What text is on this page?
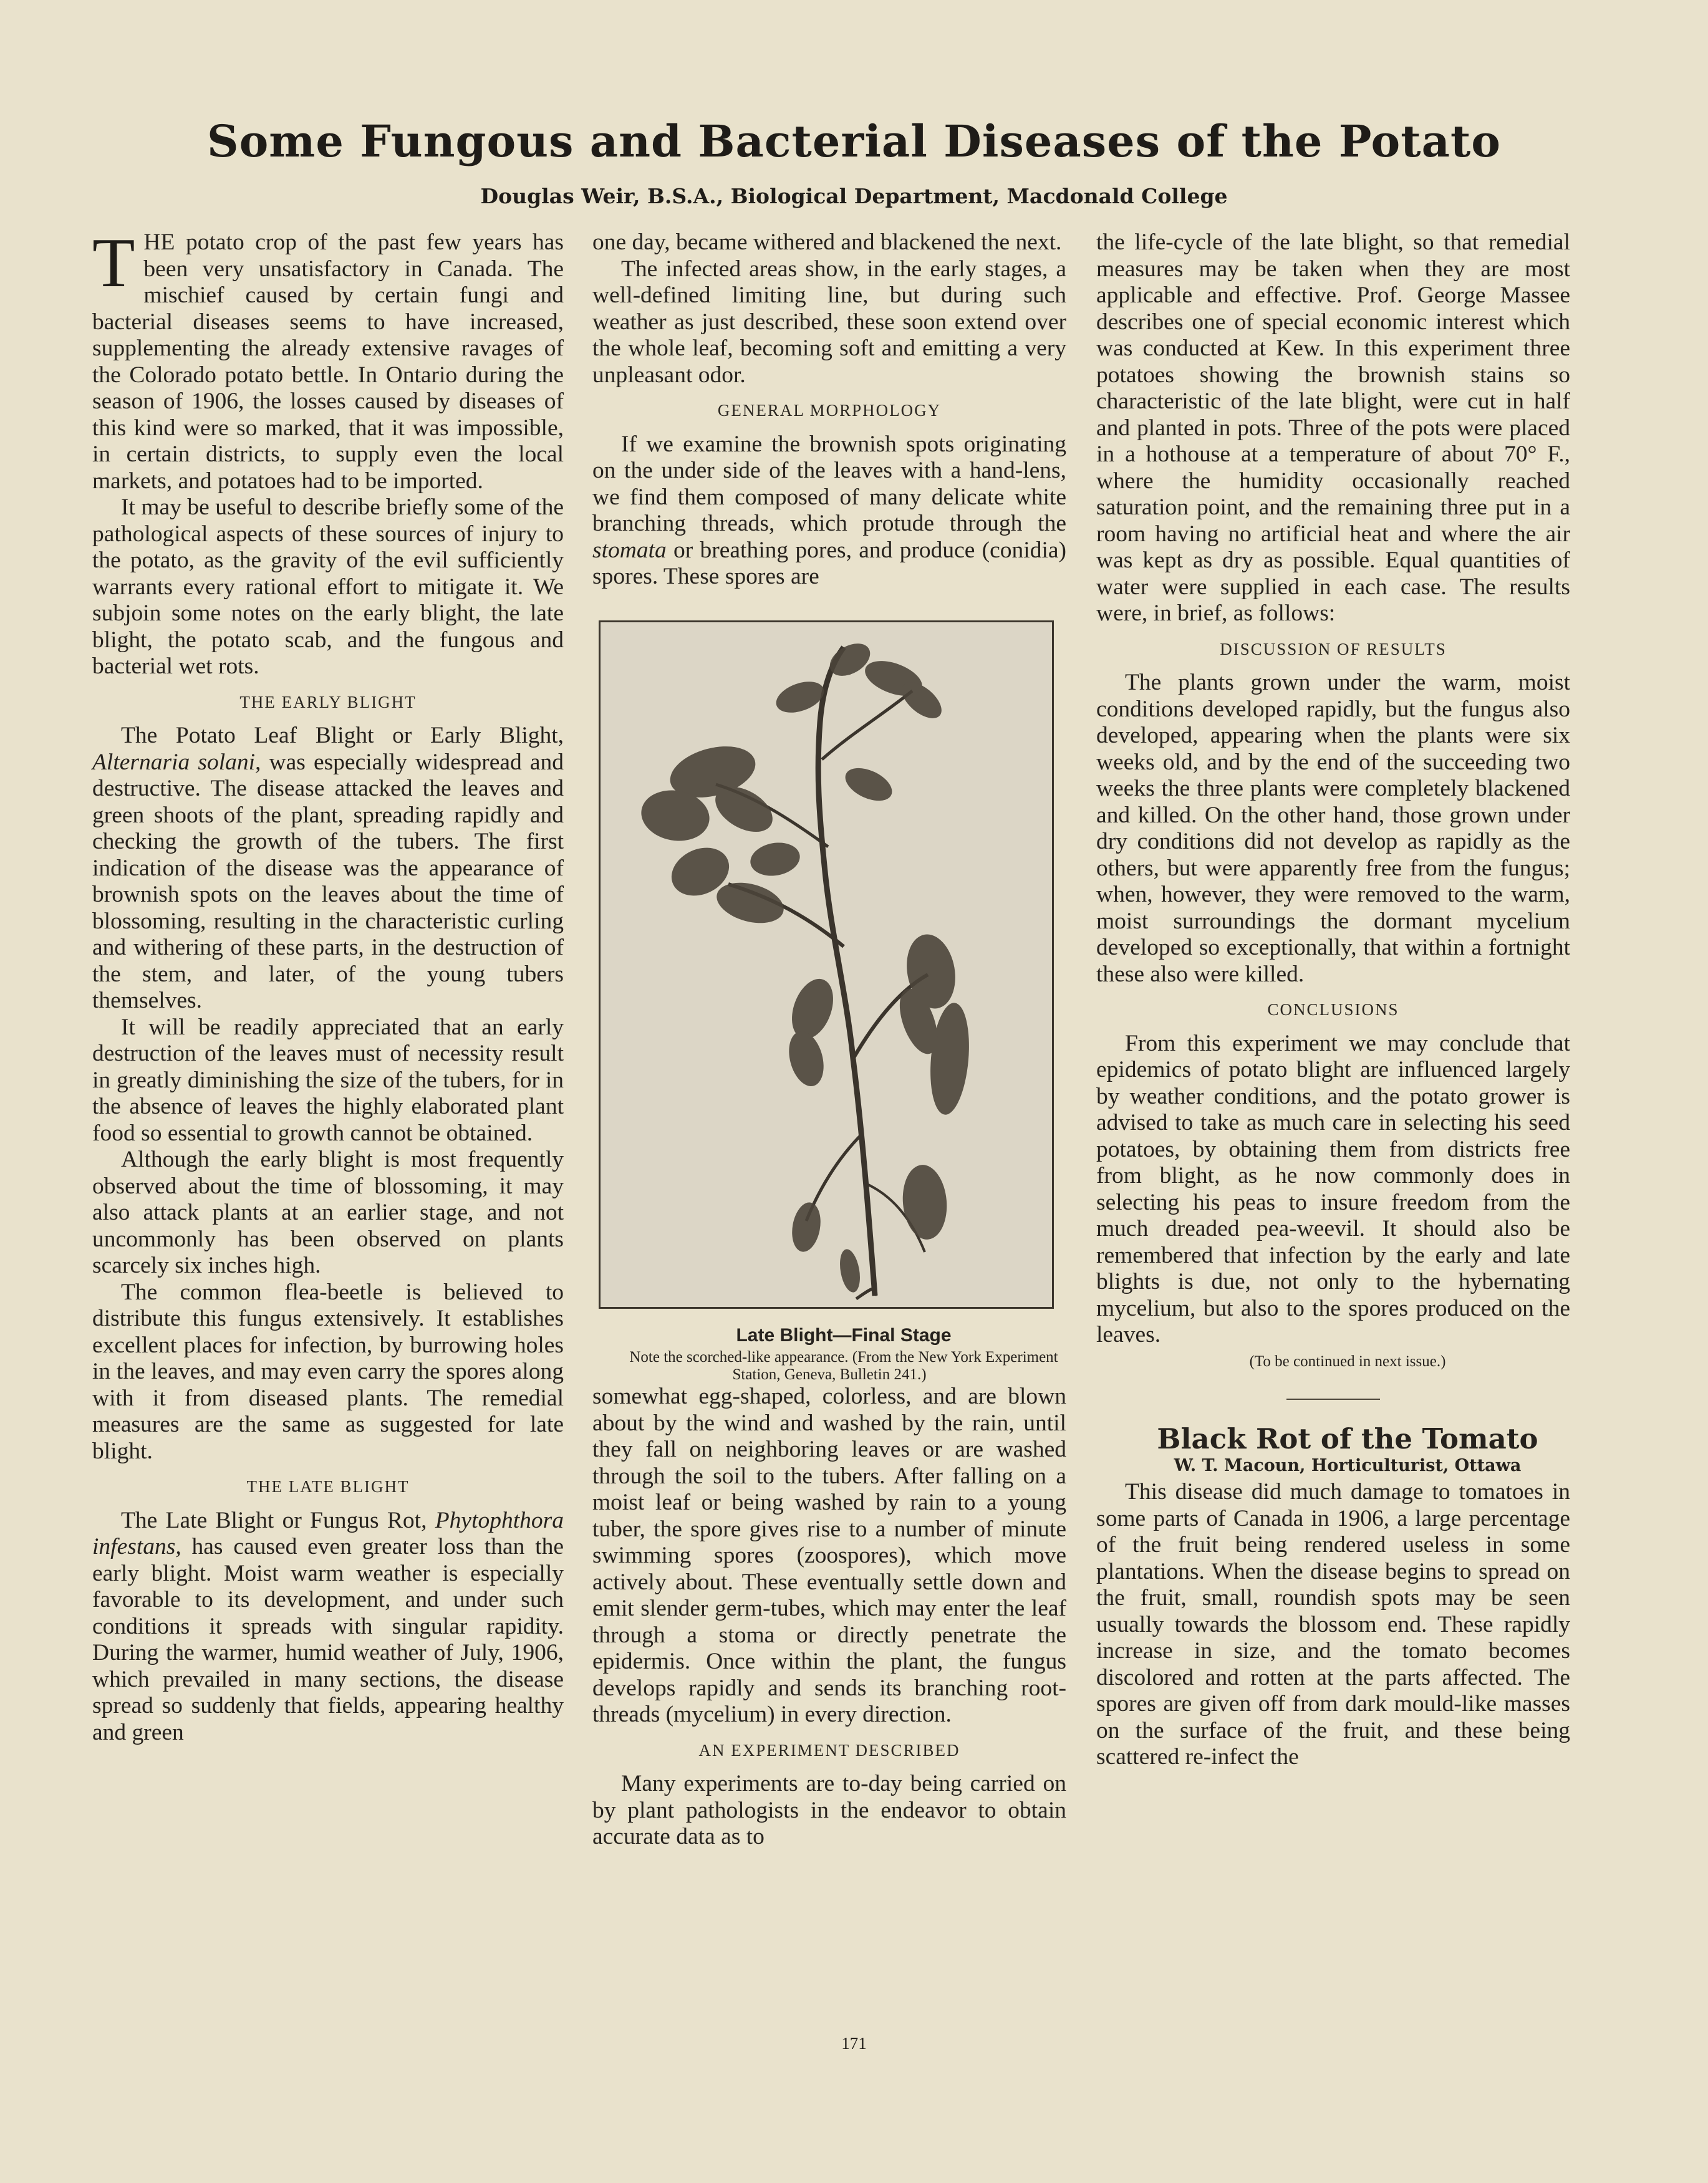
Some Fungous and Bacterial Diseases of the Potato
Douglas Weir, B.S.A., Biological Department, Macdonald College

THE potato crop of the past few years has been very unsatisfactory in Canada. The mischief caused by certain fungi and bacterial diseases seems to have increased, supplementing the already extensive ravages of the Colorado potato bettle. In Ontario during the season of 1906, the losses caused by diseases of this kind were so marked, that it was impossible, in certain districts, to supply even the local markets, and potatoes had to be imported.

It may be useful to describe briefly some of the pathological aspects of these sources of injury to the potato, as the gravity of the evil sufficiently warrants every rational effort to mitigate it. We subjoin some notes on the early blight, the late blight, the potato scab, and the fungous and bacterial wet rots.

THE EARLY BLIGHT

The Potato Leaf Blight or Early Blight, Alternaria solani, was especially widespread and destructive. The disease attacked the leaves and green shoots of the plant, spreading rapidly and checking the growth of the tubers. The first indication of the disease was the appearance of brownish spots on the leaves about the time of blossoming, resulting in the characteristic curling and withering of these parts, in the destruction of the stem, and later, of the young tubers themselves.

It will be readily appreciated that an early destruction of the leaves must of necessity result in greatly diminishing the size of the tubers, for in the absence of leaves the highly elaborated plant food so essential to growth cannot be obtained.

Although the early blight is most frequently observed about the time of blossoming, it may also attack plants at an earlier stage, and not uncommonly has been observed on plants scarcely six inches high.

The common flea-beetle is believed to distribute this fungus extensively. It establishes excellent places for infection, by burrowing holes in the leaves, and may even carry the spores along with it from diseased plants. The remedial measures are the same as suggested for late blight.

THE LATE BLIGHT

The Late Blight or Fungus Rot, Phytophthora infestans, has caused even greater loss than the early blight. Moist warm weather is especially favorable to its development, and under such conditions it spreads with singular rapidity. During the warmer, humid weather of July, 1906, which prevailed in many sections, the disease spread so suddenly that fields, appearing healthy and green

one day, became withered and blackened the next.

The infected areas show, in the early stages, a well-defined limiting line, but during such weather as just described, these soon extend over the whole leaf, becoming soft and emitting a very unpleasant odor.

GENERAL MORPHOLOGY

If we examine the brownish spots originating on the under side of the leaves with a hand-lens, we find them composed of many delicate white branching threads, which protude through the stomata or breathing pores, and produce (conidia) spores. These spores are

Late Blight—Final Stage

Note the scorched-like appearance. (From the New York Experiment Station, Geneva, Bulletin 241.)

somewhat egg-shaped, colorless, and are blown about by the wind and washed by the rain, until they fall on neighboring leaves or are washed through the soil to the tubers. After falling on a moist leaf or being washed by rain to a young tuber, the spore gives rise to a number of minute swimming spores (zoospores), which move actively about. These eventually settle down and emit slender germ-tubes, which may enter the leaf through a stoma or directly penetrate the epidermis. Once within the plant, the fungus develops rapidly and sends its branching root-threads (mycelium) in every direction.

AN EXPERIMENT DESCRIBED

Many experiments are to-day being carried on by plant pathologists in the endeavor to obtain accurate data as to

the life-cycle of the late blight, so that remedial measures may be taken when they are most applicable and effective. Prof. George Massee describes one of special economic interest which was conducted at Kew. In this experiment three potatoes showing the brownish stains so characteristic of the late blight, were cut in half and planted in pots. Three of the pots were placed in a hothouse at a temperature of about 70° F., where the humidity occasionally reached saturation point, and the remaining three put in a room having no artificial heat and where the air was kept as dry as possible. Equal quantities of water were supplied in each case. The results were, in brief, as follows:

DISCUSSION OF RESULTS

The plants grown under the warm, moist conditions developed rapidly, but the fungus also developed, appearing when the plants were six weeks old, and by the end of the succeeding two weeks the three plants were completely blackened and killed. On the other hand, those grown under dry conditions did not develop as rapidly as the others, but were apparently free from the fungus; when, however, they were removed to the warm, moist surroundings the dormant mycelium developed so exceptionally, that within a fortnight these also were killed.

CONCLUSIONS

From this experiment we may conclude that epidemics of potato blight are influenced largely by weather conditions, and the potato grower is advised to take as much care in selecting his seed potatoes, by obtaining them from districts free from blight, as he now commonly does in selecting his peas to insure freedom from the much dreaded pea-weevil. It should also be remembered that infection by the early and late blights is due, not only to the hybernating mycelium, but also to the spores produced on the leaves.

(To be continued in next issue.)

Black Rot of the Tomato

W. T. Macoun, Horticulturist, Ottawa

This disease did much damage to tomatoes in some parts of Canada in 1906, a large percentage of the fruit being rendered useless in some plantations. When the disease begins to spread on the fruit, small, roundish spots may be seen usually towards the blossom end. These rapidly increase in size, and the tomato becomes discolored and rotten at the parts affected. The spores are given off from dark mould-like masses on the surface of the fruit, and these being scattered re-infect the

171
